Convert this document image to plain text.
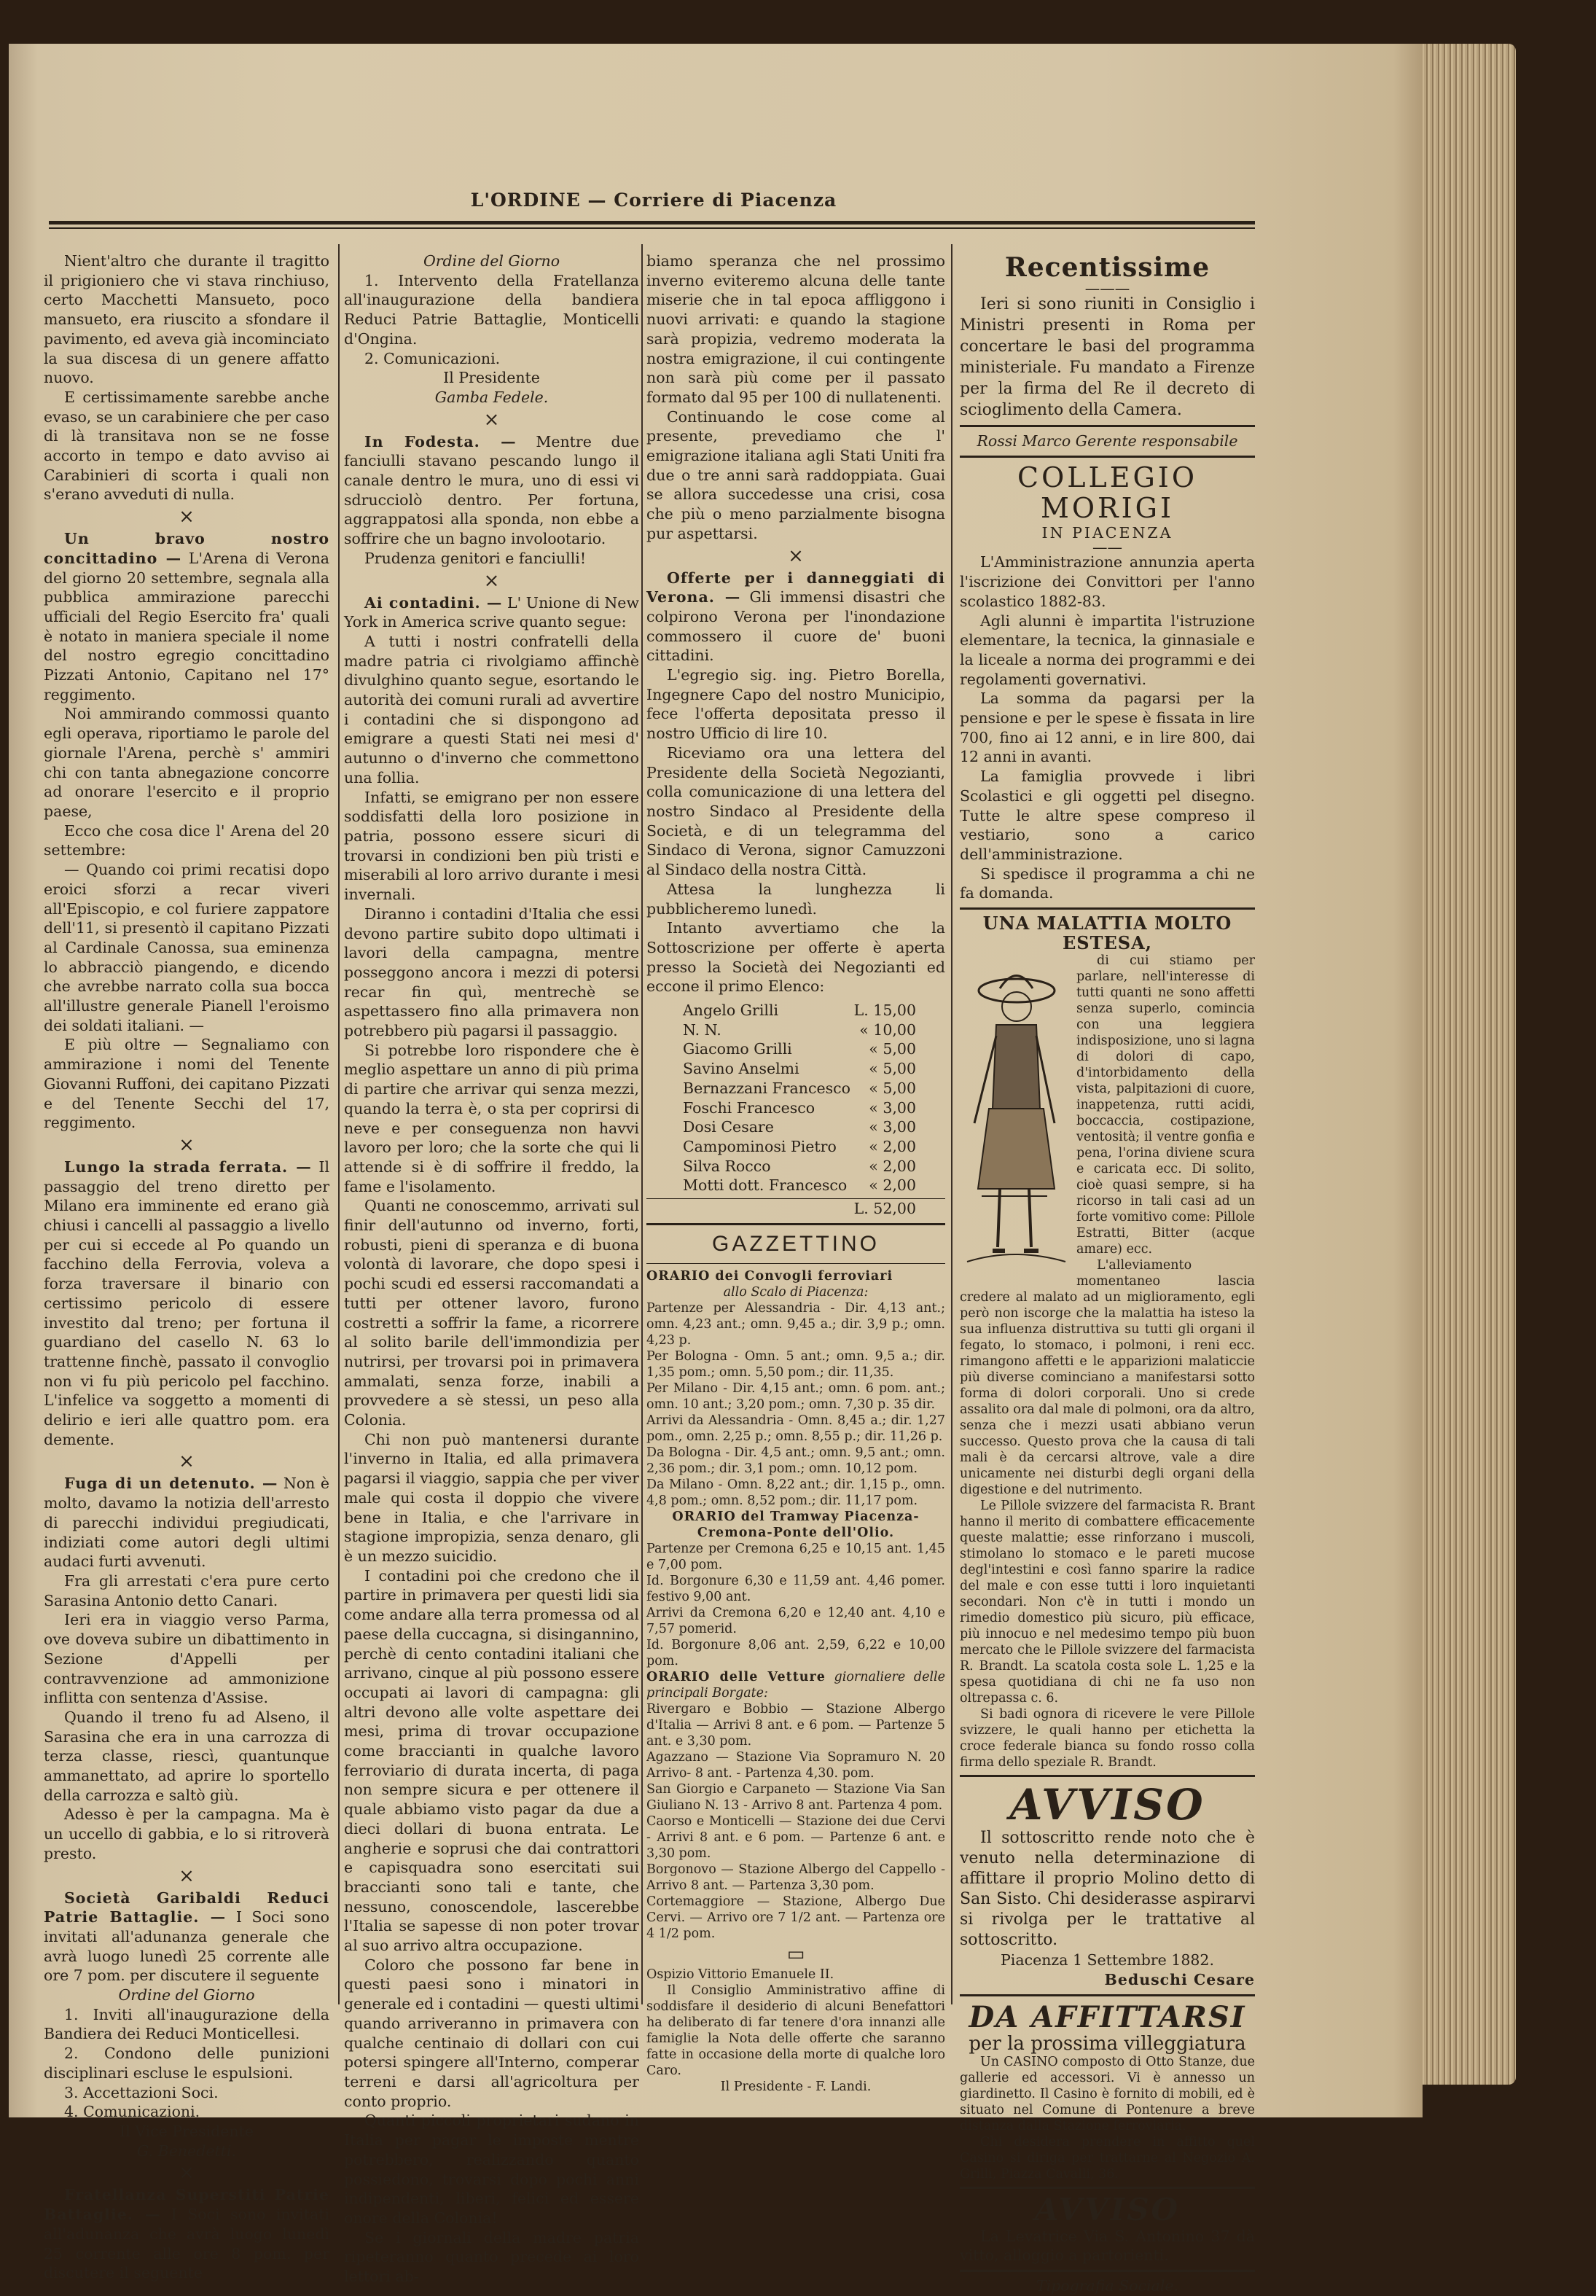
L'ORDINE — Corriere di Piacenza

Nient'altro che durante il tragitto il prigioniero che vi stava rinchiuso, certo Macchetti Mansueto, poco mansueto, era riuscito a sfondare il pavimento, ed aveva già incominciato la sua discesa di un genere affatto nuovo.

E certissimamente sarebbe anche evaso, se un carabiniere che per caso di là transitava non se ne fosse accorto in tempo e dato avviso ai Carabinieri di scorta i quali non s'erano avveduti di nulla.

×

Un bravo nostro concittadino — L'Arena di Verona del giorno 20 settembre, segnala alla pubblica ammirazione parecchi ufficiali del Regio Esercito fra' quali è notato in maniera speciale il nome del nostro egregio concittadino Pizzati Antonio, Capitano nel 17° reggimento.

Noi ammirando commossi quanto egli operava, riportiamo le parole del giornale l'Arena, perchè s' ammiri chi con tanta abnegazione concorre ad onorare l'esercito e il proprio paese,

Ecco che cosa dice l' Arena del 20 settembre:

— Quando coi primi recatisi dopo eroici sforzi a recar viveri all'Episcopio, e col furiere zappatore dell'11, si presentò il capitano Pizzati al Cardinale Canossa, sua eminenza lo abbracciò piangendo, e dicendo che avrebbe narrato colla sua bocca all'illustre generale Pianell l'eroismo dei soldati italiani. —

E più oltre — Segnaliamo con ammirazione i nomi del Tenente Giovanni Ruffoni, dei capitano Pizzati e del Tenente Secchi del 17, reggimento.

×

Lungo la strada ferrata. — Il passaggio del treno diretto per Milano era imminente ed erano già chiusi i cancelli al passaggio a livello per cui si eccede al Po quando un facchino della Ferrovia, voleva a forza traversare il binario con certissimo pericolo di essere investito dal treno; per fortuna il guardiano del casello N. 63 lo trattenne finchè, passato il convoglio non vi fu più pericolo pel facchino. L'infelice va soggetto a momenti di delirio e ieri alle quattro pom. era demente.

×

Fuga di un detenuto. — Non è molto, davamo la notizia dell'arresto di parecchi individui pregiudicati, indiziati come autori degli ultimi audaci furti avvenuti.

Fra gli arrestati c'era pure certo Sarasina Antonio detto Canari.

Ieri era in viaggio verso Parma, ove doveva subire un dibattimento in Sezione d'Appelli per contravvenzione ad ammonizione inflitta con sentenza d'Assise.

Quando il treno fu ad Alseno, il Sarasina che era in una carrozza di terza classe, riescì, quantunque ammanettato, ad aprire lo sportello della carrozza e saltò giù.

Adesso è per la campagna. Ma è un uccello di gabbia, e lo si ritroverà presto.

×

Società Garibaldi Reduci Patrie Battaglie. — I Soci sono invitati all'adunanza generale che avrà luogo lunedì 25 corrente alle ore 7 pom. per discutere il seguente

Ordine del Giorno

1. Inviti all'inaugurazione della Bandiera dei Reduci Monticellesi.

2. Condono delle punizioni disciplinari escluse le espulsioni.

3. Accettazioni Soci.

4. Comunicazioni.

Il Vice Presidente

G. Benedetti.

×

Fratellanza Superstiti Patrie Battaglie. — I Soci sono invitati all'adunanza che avrà luogo lunedì 25 corrente alle ore 8 pom. per discutere il seguente

Ordine del Giorno

1. Intervento della Fratellanza all'inaugurazione della bandiera Reduci Patrie Battaglie, Monticelli d'Ongina.

2. Comunicazioni.

Il Presidente

Gamba Fedele.

×

In Fodesta. — Mentre due fanciulli stavano pescando lungo il canale dentro le mura, uno di essi vi sdrucciolò dentro. Per fortuna, aggrappatosi alla sponda, non ebbe a soffrire che un bagno involootario.

Prudenza genitori e fanciulli!

×

Ai contadini. — L' Unione di New York in America scrive quanto segue:

A tutti i nostri confratelli della madre patria ci rivolgiamo affinchè divulghino quanto segue, esortando le autorità dei comuni rurali ad avvertire i contadini che si dispongono ad emigrare a questi Stati nei mesi d' autunno o d'inverno che commettono una follia.

Infatti, se emigrano per non essere soddisfatti della loro posizione in patria, possono essere sicuri di trovarsi in condizioni ben più tristi e miserabili al loro arrivo durante i mesi invernali.

Diranno i contadini d'Italia che essi devono partire subito dopo ultimati i lavori della campagna, mentre posseggono ancora i mezzi di potersi recar fin quì, mentrechè se aspettassero fino alla primavera non potrebbero più pagarsi il passaggio.

Si potrebbe loro rispondere che è meglio aspettare un anno di più prima di partire che arrivar qui senza mezzi, quando la terra è, o sta per coprirsi di neve e per conseguenza non havvi lavoro per loro; che la sorte che qui li attende si è di soffrire il freddo, la fame e l'isolamento.

Quanti ne conoscemmo, arrivati sul finir dell'autunno od inverno, forti, robusti, pieni di speranza e di buona volontà di lavorare, che dopo spesi i pochi scudi ed essersi raccomandati a tutti per ottener lavoro, furono costretti a soffrir la fame, a ricorrere al solito barile dell'immondizia per nutrirsi, per trovarsi poi in primavera ammalati, senza forze, inabili a provvedere a sè stessi, un peso alla Colonia.

Chi non può mantenersi durante l'inverno in Italia, ed alla primavera pagarsi il viaggio, sappia che per viver male qui costa il doppio che vivere bene in Italia, e che l'arrivare in stagione impropizia, senza denaro, gli è un mezzo suicidio.

I contadini poi che credono che il partire in primavera per questi lidi sia come andare alla terra promessa od al paese della cuccagna, si disingannino, perchè di cento contadini italiani che arrivano, cinque al più possono essere occupati ai lavori di campagna: gli altri devono alle volte aspettare dei mesi, prima di trovar occupazione come braccianti in qualche lavoro ferroviario di durata incerta, di paga non sempre sicura e per ottenere il quale abbiamo visto pagar da due a dieci dollari di buona entrata. Le angherie e soprusi che dai contrattori e capisquadra sono esercitati sui braccianti sono tali e tante, che nessuno, conoscendole, lascerebbe l'Italia se sapesse di non poter trovar al suo arrivo altra occupazione.

Coloro che possono far bene in questi paesi sono i minatori in generale ed i contadini — questi ultimi quando arriveranno in primavera con qualche centinaio di dollari con cui potersi spingere all'Interno, comperar terreni e darsi all'agricoltura per conto proprio.

Quanti piccoli proprietari sudano in Italia per pagar le imposte mentre potrebbero, realizzando quanto possiedono, trovarsi dopo pochi anni indipendenti, liberi, felici ed essere onore della Colonia!

Se i giornali della madre patria ripeteranno quanto precede ai loro lettori ab-

biamo speranza che nel prossimo inverno eviteremo alcuna delle tante miserie che in tal epoca affliggono i nuovi arrivati: e quando la stagione sarà propizia, vedremo moderata la nostra emigrazione, il cui contingente non sarà più come per il passato formato dal 95 per 100 di nullatenenti.

Continuando le cose come al presente, prevediamo che l' emigrazione italiana agli Stati Uniti fra due o tre anni sarà raddoppiata. Guai se allora succedesse una crisi, cosa che più o meno parzialmente bisogna pur aspettarsi.

×

Offerte per i danneggiati di Verona. — Gli immensi disastri che colpirono Verona per l'inondazione commossero il cuore de' buoni cittadini.

L'egregio sig. ing. Pietro Borella, Ingegnere Capo del nostro Municipio, fece l'offerta depositata presso il nostro Ufficio di lire 10.

Riceviamo ora una lettera del Presidente della Società Negozianti, colla comunicazione di una lettera del nostro Sindaco al Presidente della Società, e di un telegramma del Sindaco di Verona, signor Camuzzoni al Sindaco della nostra Città.

Attesa la lunghezza li pubblicheremo lunedì.

Intanto avvertiamo che la Sottoscrizione per offerte è aperta presso la Società dei Negozianti ed eccone il primo Elenco:

Angelo Grilli	L. 15,00
N. N.	« 10,00
Giacomo Grilli	« 5,00
Savino Anselmi	« 5,00
Bernazzani Francesco	« 5,00
Foschi Francesco	« 3,00
Dosi Cesare	« 3,00
Campominosi Pietro	« 2,00
Silva Rocco	« 2,00
Motti dott. Francesco	« 2,00
L. 52,00
GAZZETTINO

ORARIO dei Convogli ferroviari

allo Scalo di Piacenza:

Partenze per Alessandria - Dir. 4,13 ant.; omn. 4,23 ant.; omn. 9,45 a.; dir. 3,9 p.; omn. 4,23 p.

Per Bologna - Omn. 5 ant.; omn. 9,5 a.; dir. 1,35 pom.; omn. 5,50 pom.; dir. 11,35.

Per Milano - Dir. 4,15 ant.; omn. 6 pom. ant.; omn. 10 ant.; 3,20 pom.; omn. 7,30 p. 35 dir.

Arrivi da Alessandria - Omn. 8,45 a.; dir. 1,27 pom., omn. 2,25 p.; omn. 8,55 p.; dir. 11,26 p.

Da Bologna - Dir. 4,5 ant.; omn. 9,5 ant.; omn. 2,36 pom.; dir. 3,1 pom.; omn. 10,12 pom.

Da Milano - Omn. 8,22 ant.; dir. 1,15 p., omn. 4,8 pom.; omn. 8,52 pom.; dir. 11,17 pom.

ORARIO del Tramway Piacenza-Cremona-Ponte dell'Olio.

Partenze per Cremona 6,25 e 10,15 ant. 1,45 e 7,00 pom.

Id. Borgonure 6,30 e 11,59 ant. 4,46 pomer. festivo 9,00 ant.

Arrivi da Cremona 6,20 e 12,40 ant. 4,10 e 7,57 pomerid.

Id. Borgonure 8,06 ant. 2,59, 6,22 e 10,00 pom.

ORARIO delle Vetture giornaliere delle principali Borgate:

Rivergaro e Bobbio — Stazione Albergo d'Italia — Arrivi 8 ant. e 6 pom. — Partenze 5 ant. e 3,30 pom.

Agazzano — Stazione Via Sopramuro N. 20 Arrivo- 8 ant. - Partenza 4,30. pom.

San Giorgio e Carpaneto — Stazione Via San Giuliano N. 13 - Arrivo 8 ant. Partenza 4 pom.

Caorso e Monticelli — Stazione dei due Cervi - Arrivi 8 ant. e 6 pom. — Partenze 6 ant. e 3,30 pom.

Borgonovo — Stazione Albergo del Cappello - Arrivo 8 ant. — Partenza 3,30 pom.

Cortemaggiore — Stazione, Albergo Due Cervi. — Arrivo ore 7 1/2 ant. — Partenza ore 4 1/2 pom.

▭

Ospizio Vittorio Emanuele II.

Il Consiglio Amministrativo affine di soddisfare il desiderio di alcuni Benefattori ha deliberato di far tenere d'ora innanzi alle famiglie la Nota delle offerte che saranno fatte in occasione della morte di qualche loro Caro.

Il Presidente - F. Landi.

Recentissime
———

Ieri si sono riuniti in Consiglio i Ministri presenti in Roma per concertare le basi del programma ministeriale. Fu mandato a Firenze per la firma del Re il decreto di scioglimento della Camera.

Rossi Marco Gerente responsabile

COLLEGIO MORIGI

IN PIACENZA

——

L'Amministrazione annunzia aperta l'iscrizione dei Convittori per l'anno scolastico 1882-83.

Agli alunni è impartita l'istruzione elementare, la tecnica, la ginnasiale e la liceale a norma dei programmi e dei regolamenti governativi.

La somma da pagarsi per la pensione e per le spese è fissata in lire 700, fino ai 12 anni, e in lire 800, dai 12 anni in avanti.

La famiglia provvede i libri Scolastici e gli oggetti pel disegno. Tutte le altre spese compreso il vestiario, sono a carico dell'amministrazione.

Si spedisce il programma a chi ne fa domanda.

UNA MALATTIA MOLTO ESTESA,

di cui stiamo per parlare, nell'interesse di tutti quanti ne sono affetti senza superlo, comincia con una leggiera indisposizione, uno si lagna di dolori di capo, d'intorbidamento della vista, palpitazioni di cuore, inappetenza, rutti acidi, boccaccia, costipazione, ventosità; il ventre gonfia e pena, l'orina diviene scura e caricata ecc. Di solito, cioè quasi sempre, si ha ricorso in tali casi ad un forte vomitivo come: Pillole Estratti, Bitter (acque amare) ecc.

L'alleviamento momentaneo lascia credere al malato ad un miglioramento, egli però non iscorge che la malattia ha isteso la sua influenza distruttiva su tutti gli organi il fegato, lo stomaco, i polmoni, i reni ecc. rimangono affetti e le apparizioni malaticcie più diverse cominciano a manifestarsi sotto forma di dolori corporali. Uno si crede assalito ora dal male di polmoni, ora da altro, senza che i mezzi usati abbiano verun successo. Questo prova che la causa di tali mali è da cercarsi altrove, vale a dire unicamente nei disturbi degli organi della digestione e del nutrimento.

Le Pillole svizzere del farmacista R. Brant hanno il merito di combattere efficacemente queste malattie; esse rinforzano i muscoli, stimolano lo stomaco e le pareti mucose degl'intestini e così fanno sparire la radice del male e con esse tutti i loro inquietanti secondari. Non c'è in tutti i mondo un rimedio domestico più sicuro, più efficace, più innocuo e nel medesimo tempo più buon mercato che le Pillole svizzere del farmacista R. Brandt. La scatola costa sole L. 1,25 e la spesa quotidiana di chi ne fa uso non oltrepassa c. 6.

Si badi ognora di ricevere le vere Pillole svizzere, le quali hanno per etichetta la croce federale bianca su fondo rosso colla firma dello speziale R. Brandt.

AVVISO

Il sottoscritto rende noto che è venuto nella determinazione di affittare il proprio Molino detto di San Sisto. Chi desiderasse aspirarvi si rivolga per le trattative al sottoscritto.

Piacenza 1 Settembre 1882.

Beduschi Cesare

DA AFFITTARSI

per la prossima villeggiatura

Un CASINO composto di Otto Stanze, due gallerie ed accessori. Vi è annesso un giardinetto. Il Casino è fornito di mobili, ed è situato nel Comune di Pontenure a breve distanza dalla Stazione ferroviaria.

Chi desidera prendere in affitto quel Casino si diriga per trattarne al Negozio A. Grilli, Piazza Cavalli, 36.

AVVISO

La Levatrice Via S. Antonino 37 dà vitto, alloggio a partorienti.

Tipografia Sociale.
